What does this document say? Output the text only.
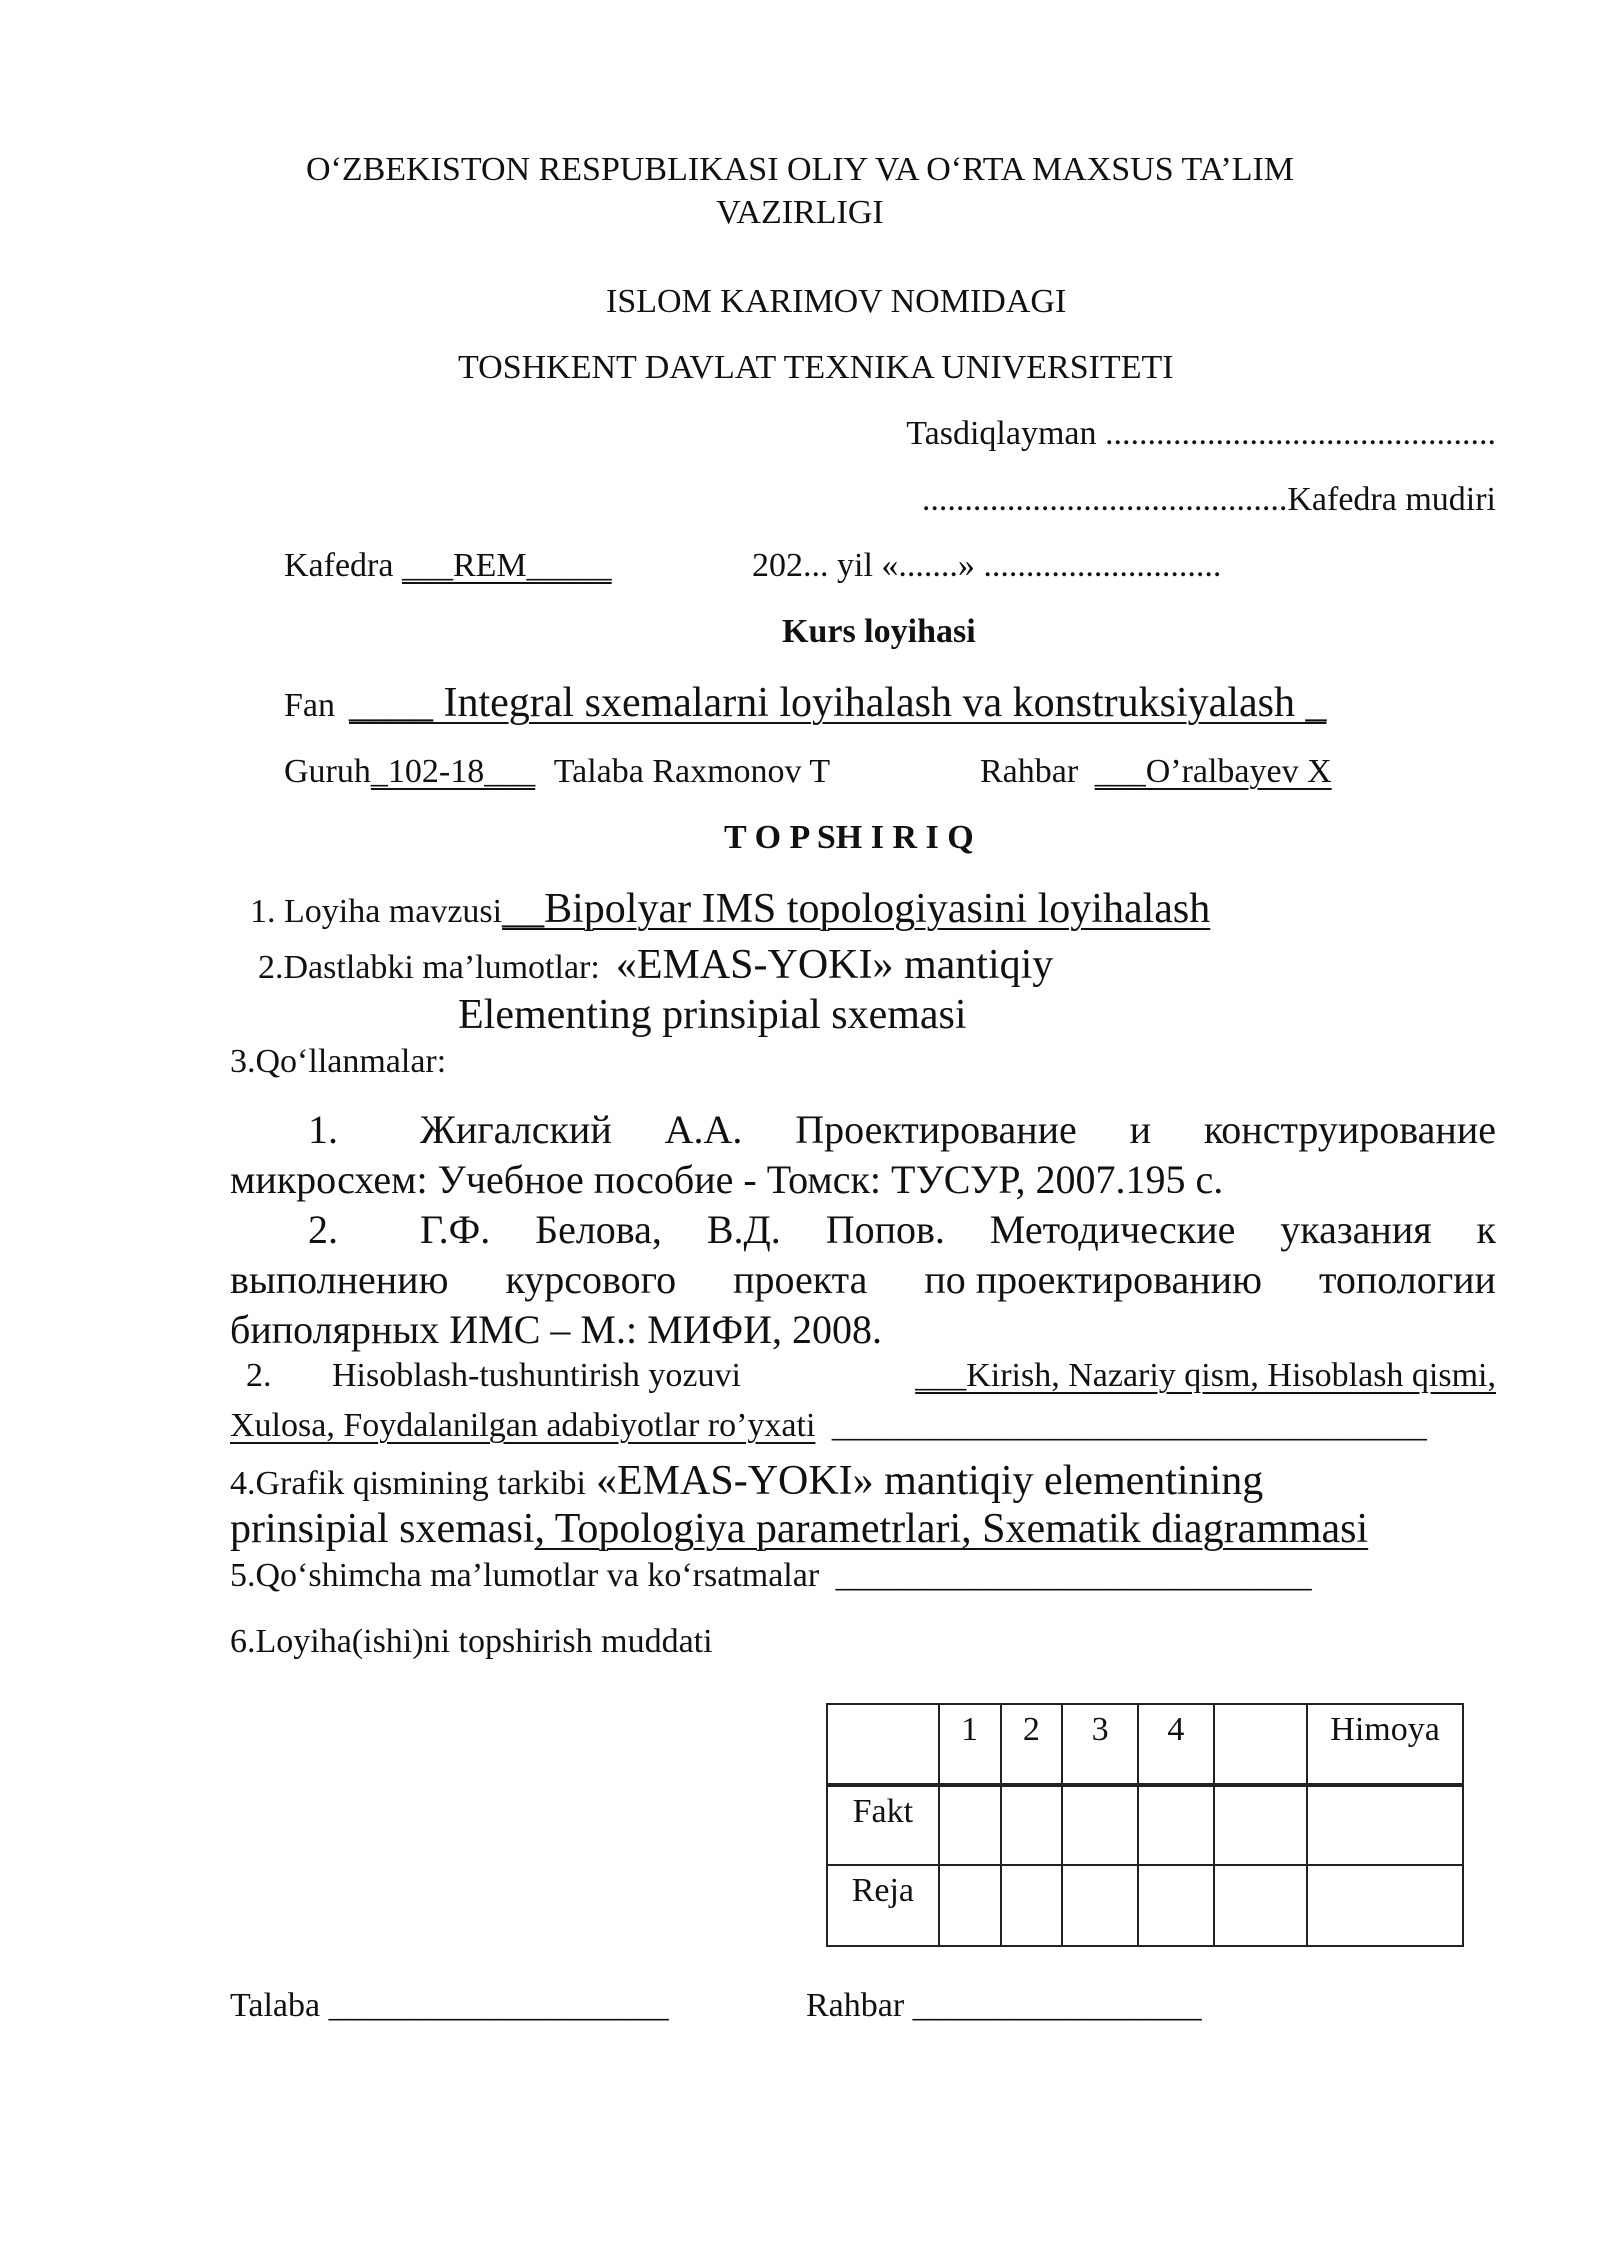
O‘ZBEKISTON RESPUBLIKASI OLIY VA O‘RTA MAXSUS TA’LIM
VAZIRLIGI
ISLOM KARIMOV NOMIDAGI
TOSHKENT DAVLAT TEXNIKA UNIVERSITETI
Tasdiqlayman ..............................................
...........................................Kafedra mudiri
Kafedra ___REM_____	202... yil «.......» ............................
Kurs loyihasi
Fan ____ Integral sxemalarni loyihalash va konstruksiyalash _
Guruh_102-18___ Talaba Raxmonov T	Rahbar ___O’ralbayev X
T O P SH I R I Q
1. Loyiha mavzusi__Bipolyar IMS topologiyasini loyihalash
2.Dastlabki ma’lumotlar: «EMAS-YOKI» mantiqiy
Elementing prinsipial sxemasi
3.Qo‘llanmalar:
1.	Жигалский А.А. Проектирование и конструирование
микросхем: Учебное пособие - Томск: ТУСУР, 2007.195 с.
2.	Г.Ф. Белова, В.Д. Попов. Методические указания к
выполнению курсового проекта по проектированию топологии
биполярных ИМС – М.: МИФИ, 2008.
2.	Hisoblash-tushuntirish yozuvi	___Kirish, Nazariy qism, Hisoblash qismi,
Xulosa, Foydalanilgan adabiyotlar ro’yxati ___________________________________
4.Grafik qismining tarkibi «EMAS-YOKI» mantiqiy elementining
prinsipial sxemasi, Topologiya parametrlari, Sxematik diagrammasi
5.Qo‘shimcha ma’lumotlar va ko‘rsatmalar ____________________________
6.Loyiha(ishi)ni topshirish muddati
	1	2	3	4		Himoya
Fakt						
Reja						
Talaba ____________________	Rahbar _________________
